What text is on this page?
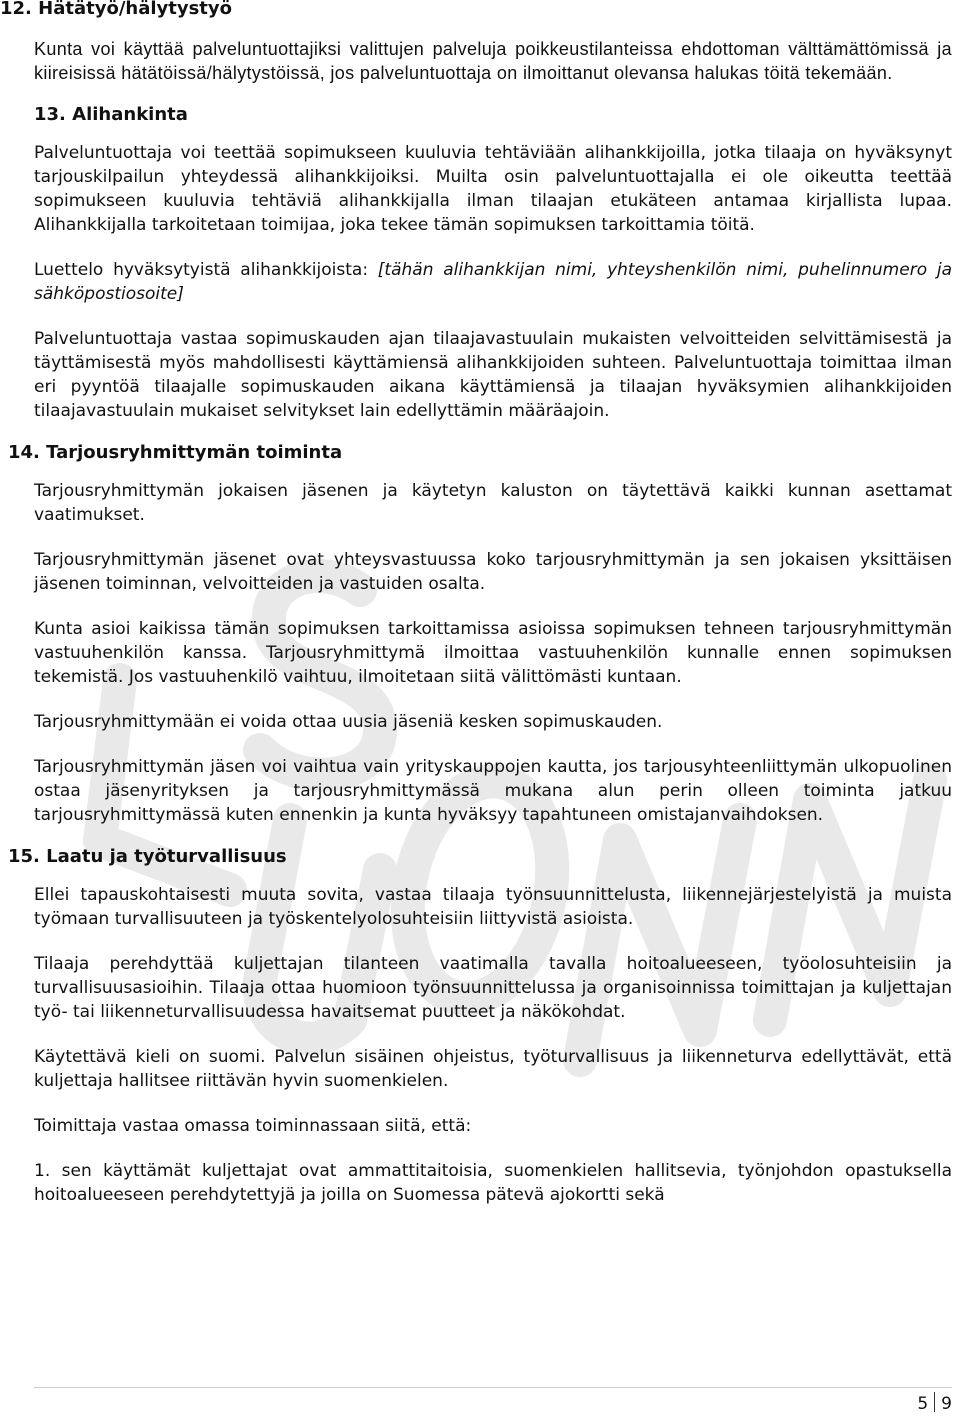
12. Hätätyö/hälytystyö

Kunta voi käyttää palveluntuottajiksi valittujen palveluja poikkeustilanteissa ehdottoman välttämättömissä ja kiireisissä hätätöissä/hälytystöissä, jos palveluntuottaja on ilmoittanut olevansa halukas töitä tekemään.

13. Alihankinta

Palveluntuottaja voi teettää sopimukseen kuuluvia tehtäviään alihankkijoilla, jotka tilaaja on hyväksynyt tarjouskilpailun yhteydessä alihankkijoiksi. Muilta osin palveluntuottajalla ei ole oikeutta teettää sopimukseen kuuluvia tehtäviä alihankkijalla ilman tilaajan etukäteen antamaa kirjallista lupaa. Alihankkijalla tarkoitetaan toimijaa, joka tekee tämän sopimuksen tarkoittamia töitä.

Luettelo hyväksytyistä alihankkijoista: [tähän alihankkijan nimi, yhteyshenkilön nimi, puhelinnumero ja sähköpostiosoite]

Palveluntuottaja vastaa sopimuskauden ajan tilaajavastuulain mukaisten velvoitteiden selvittämisestä ja täyttämisestä myös mahdollisesti käyttämiensä alihankkijoiden suhteen. Palveluntuottaja toimittaa ilman eri pyyntöä tilaajalle sopimuskauden aikana käyttämiensä ja tilaajan hyväksymien alihankkijoiden tilaajavastuulain mukaiset selvitykset lain edellyttämin määräajoin.

14. Tarjousryhmittymän toiminta

Tarjousryhmittymän jokaisen jäsenen ja käytetyn kaluston on täytettävä kaikki kunnan asettamat vaatimukset.

Tarjousryhmittymän jäsenet ovat yhteysvastuussa koko tarjousryhmittymän ja sen jokaisen yksittäisen jäsenen toiminnan, velvoitteiden ja vastuiden osalta.

Kunta asioi kaikissa tämän sopimuksen tarkoittamissa asioissa sopimuksen tehneen tarjousryhmittymän vastuuhenkilön kanssa. Tarjousryhmittymä ilmoittaa vastuuhenkilön kunnalle ennen sopimuksen tekemistä. Jos vastuuhenkilö vaihtuu, ilmoitetaan siitä välittömästi kuntaan.

Tarjousryhmittymään ei voida ottaa uusia jäseniä kesken sopimuskauden.

Tarjousryhmittymän jäsen voi vaihtua vain yrityskauppojen kautta, jos tarjousyhteenliittymän ulkopuolinen ostaa jäsenyrityksen ja tarjousryhmittymässä mukana alun perin olleen toiminta jatkuu tarjousryhmittymässä kuten ennenkin ja kunta hyväksyy tapahtuneen omistajanvaihdoksen.

15. Laatu ja työturvallisuus

Ellei tapauskohtaisesti muuta sovita, vastaa tilaaja työnsuunnittelusta, liikennejärjestelyistä ja muista työmaan turvallisuuteen ja työskentelyolosuhteisiin liittyvistä asioista.

Tilaaja perehdyttää kuljettajan tilanteen vaatimalla tavalla hoitoalueeseen, työolosuhteisiin ja turvallisuusasioihin. Tilaaja ottaa huomioon työnsuunnittelussa ja organisoinnissa toimittajan ja kuljettajan työ- tai liikenneturvallisuudessa havaitsemat puutteet ja näkökohdat.

Käytettävä kieli on suomi. Palvelun sisäinen ohjeistus, työturvallisuus ja liikenneturva edellyttävät, että kuljettaja hallitsee riittävän hyvin suomenkielen.

Toimittaja vastaa omassa toiminnassaan siitä, että:

1. sen käyttämät kuljettajat ovat ammattitaitoisia, suomenkielen hallitsevia, työnjohdon opastuksella hoitoalueeseen perehdytettyjä ja joilla on Suomessa pätevä ajokortti sekä

5 9
